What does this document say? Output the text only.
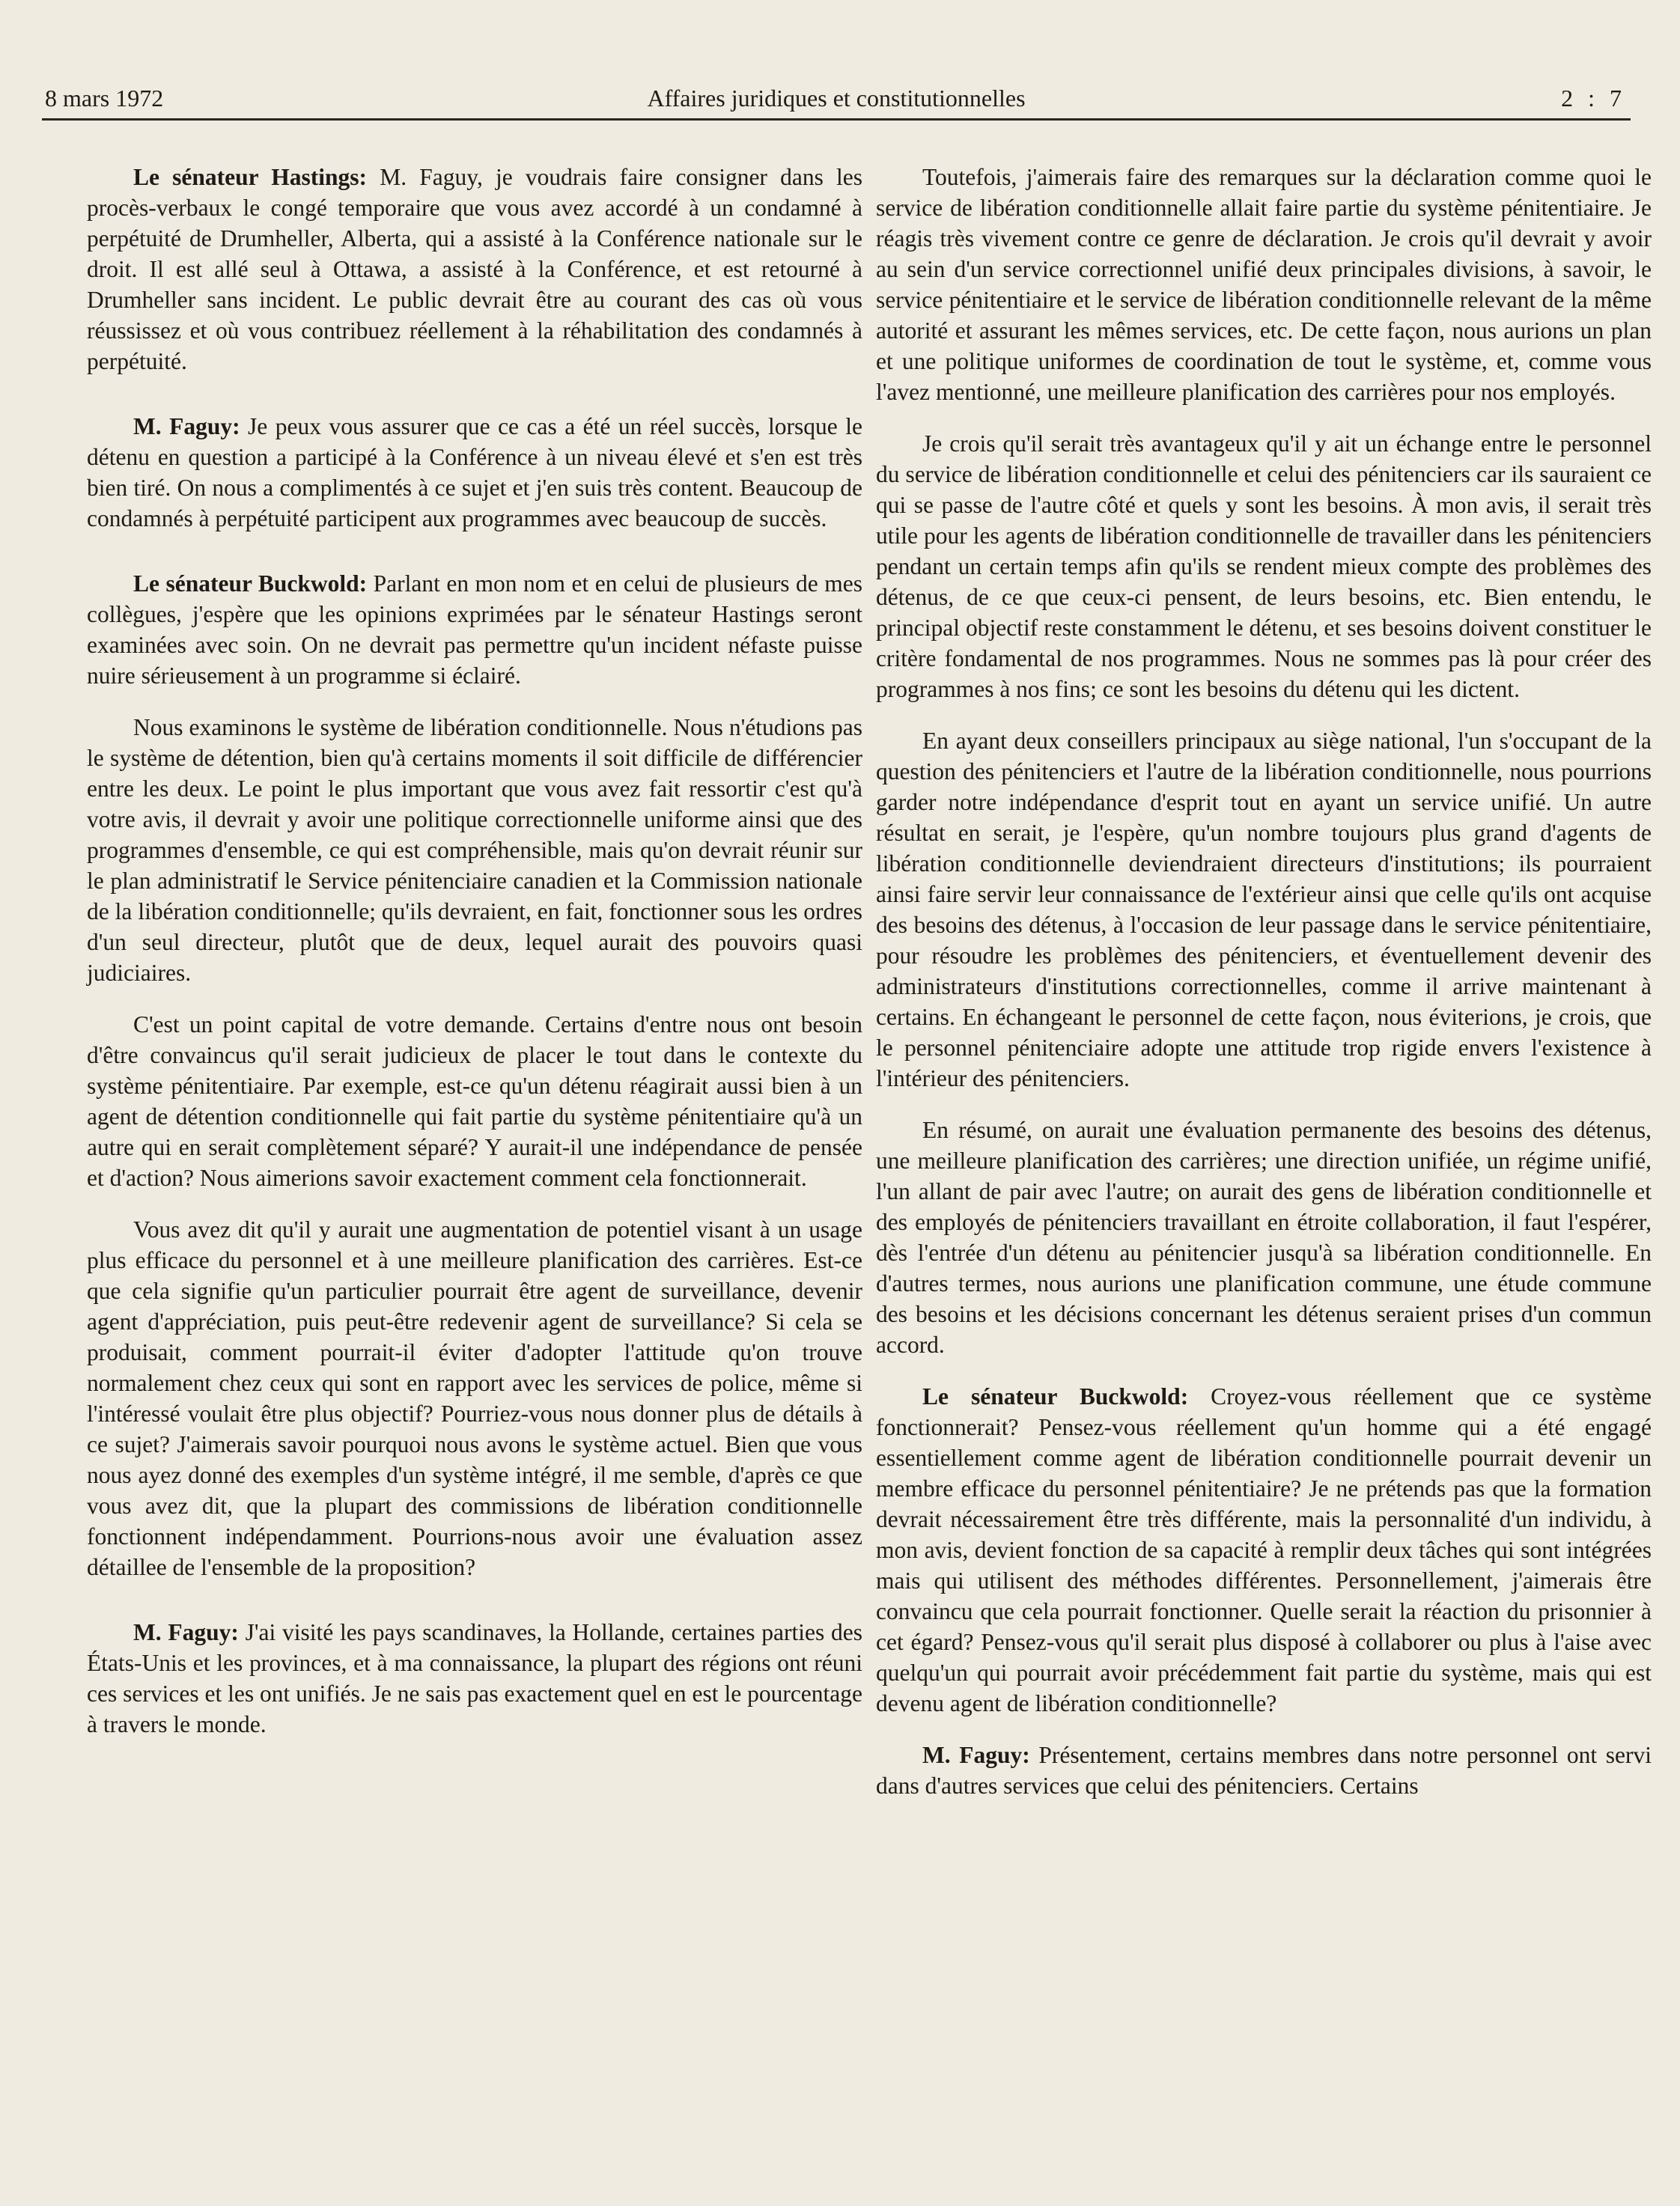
8 mars 1972	Affaires juridiques et constitutionnelles	2 : 7

Le sénateur Hastings: M. Faguy, je voudrais faire consigner dans les procès-verbaux le congé temporaire que vous avez accordé à un condamné à perpétuité de Drumheller, Alberta, qui a assisté à la Conférence nationale sur le droit. Il est allé seul à Ottawa, a assisté à la Conférence, et est retourné à Drumheller sans incident. Le public devrait être au courant des cas où vous réussissez et où vous contribuez réellement à la réhabilitation des condamnés à perpétuité.

M. Faguy: Je peux vous assurer que ce cas a été un réel succès, lorsque le détenu en question a participé à la Conférence à un niveau élevé et s'en est très bien tiré. On nous a complimentés à ce sujet et j'en suis très content. Beaucoup de condamnés à perpétuité participent aux programmes avec beaucoup de succès.

Le sénateur Buckwold: Parlant en mon nom et en celui de plusieurs de mes collègues, j'espère que les opinions exprimées par le sénateur Hastings seront examinées avec soin. On ne devrait pas permettre qu'un incident néfaste puisse nuire sérieusement à un programme si éclairé.

Nous examinons le système de libération conditionnelle. Nous n'étudions pas le système de détention, bien qu'à certains moments il soit difficile de différencier entre les deux. Le point le plus important que vous avez fait ressortir c'est qu'à votre avis, il devrait y avoir une politique correctionnelle uniforme ainsi que des programmes d'ensemble, ce qui est compréhensible, mais qu'on devrait réunir sur le plan administratif le Service pénitenciaire canadien et la Commission nationale de la libération conditionnelle; qu'ils devraient, en fait, fonctionner sous les ordres d'un seul directeur, plutôt que de deux, lequel aurait des pouvoirs quasi judiciaires.

C'est un point capital de votre demande. Certains d'entre nous ont besoin d'être convaincus qu'il serait judicieux de placer le tout dans le contexte du système pénitentiaire. Par exemple, est-ce qu'un détenu réagirait aussi bien à un agent de détention conditionnelle qui fait partie du système pénitentiaire qu'à un autre qui en serait complètement séparé? Y aurait-il une indépendance de pensée et d'action? Nous aimerions savoir exactement comment cela fonctionnerait.

Vous avez dit qu'il y aurait une augmentation de potentiel visant à un usage plus efficace du personnel et à une meilleure planification des carrières. Est-ce que cela signifie qu'un particulier pourrait être agent de surveillance, devenir agent d'appréciation, puis peut-être redevenir agent de surveillance? Si cela se produisait, comment pourrait-il éviter d'adopter l'attitude qu'on trouve normalement chez ceux qui sont en rapport avec les services de police, même si l'intéressé voulait être plus objectif? Pourriez-vous nous donner plus de détails à ce sujet? J'aimerais savoir pourquoi nous avons le système actuel. Bien que vous nous ayez donné des exemples d'un système intégré, il me semble, d'après ce que vous avez dit, que la plupart des commissions de libération conditionnelle fonctionnent indépendamment. Pourrions-nous avoir une évaluation assez détaillee de l'ensemble de la proposition?

M. Faguy: J'ai visité les pays scandinaves, la Hollande, certaines parties des États-Unis et les provinces, et à ma connaissance, la plupart des régions ont réuni ces services et les ont unifiés. Je ne sais pas exactement quel en est le pourcentage à travers le monde.

Toutefois, j'aimerais faire des remarques sur la déclaration comme quoi le service de libération conditionnelle allait faire partie du système pénitentiaire. Je réagis très vivement contre ce genre de déclaration. Je crois qu'il devrait y avoir au sein d'un service correctionnel unifié deux principales divisions, à savoir, le service pénitentiaire et le service de libération conditionnelle relevant de la même autorité et assurant les mêmes services, etc. De cette façon, nous aurions un plan et une politique uniformes de coordination de tout le système, et, comme vous l'avez mentionné, une meilleure planification des carrières pour nos employés.

Je crois qu'il serait très avantageux qu'il y ait un échange entre le personnel du service de libération conditionnelle et celui des pénitenciers car ils sauraient ce qui se passe de l'autre côté et quels y sont les besoins. À mon avis, il serait très utile pour les agents de libération conditionnelle de travailler dans les pénitenciers pendant un certain temps afin qu'ils se rendent mieux compte des problèmes des détenus, de ce que ceux-ci pensent, de leurs besoins, etc. Bien entendu, le principal objectif reste constamment le détenu, et ses besoins doivent constituer le critère fondamental de nos programmes. Nous ne sommes pas là pour créer des programmes à nos fins; ce sont les besoins du détenu qui les dictent.

En ayant deux conseillers principaux au siège national, l'un s'occupant de la question des pénitenciers et l'autre de la libération conditionnelle, nous pourrions garder notre indépendance d'esprit tout en ayant un service unifié. Un autre résultat en serait, je l'espère, qu'un nombre toujours plus grand d'agents de libération conditionnelle deviendraient directeurs d'institutions; ils pourraient ainsi faire servir leur connaissance de l'extérieur ainsi que celle qu'ils ont acquise des besoins des détenus, à l'occasion de leur passage dans le service pénitentiaire, pour résoudre les problèmes des pénitenciers, et éventuellement devenir des administrateurs d'institutions correctionnelles, comme il arrive maintenant à certains. En échangeant le personnel de cette façon, nous éviterions, je crois, que le personnel pénitenciaire adopte une attitude trop rigide envers l'existence à l'intérieur des pénitenciers.

En résumé, on aurait une évaluation permanente des besoins des détenus, une meilleure planification des carrières; une direction unifiée, un régime unifié, l'un allant de pair avec l'autre; on aurait des gens de libération conditionnelle et des employés de pénitenciers travaillant en étroite collaboration, il faut l'espérer, dès l'entrée d'un détenu au pénitencier jusqu'à sa libération conditionnelle. En d'autres termes, nous aurions une planification commune, une étude commune des besoins et les décisions concernant les détenus seraient prises d'un commun accord.

Le sénateur Buckwold: Croyez-vous réellement que ce système fonctionnerait? Pensez-vous réellement qu'un homme qui a été engagé essentiellement comme agent de libération conditionnelle pourrait devenir un membre efficace du personnel pénitentiaire? Je ne prétends pas que la formation devrait nécessairement être très différente, mais la personnalité d'un individu, à mon avis, devient fonction de sa capacité à remplir deux tâches qui sont intégrées mais qui utilisent des méthodes différentes. Personnellement, j'aimerais être convaincu que cela pourrait fonctionner. Quelle serait la réaction du prisonnier à cet égard? Pensez-vous qu'il serait plus disposé à collaborer ou plus à l'aise avec quelqu'un qui pourrait avoir précédemment fait partie du système, mais qui est devenu agent de libération conditionnelle?

M. Faguy: Présentement, certains membres dans notre personnel ont servi dans d'autres services que celui des pénitenciers. Certains
